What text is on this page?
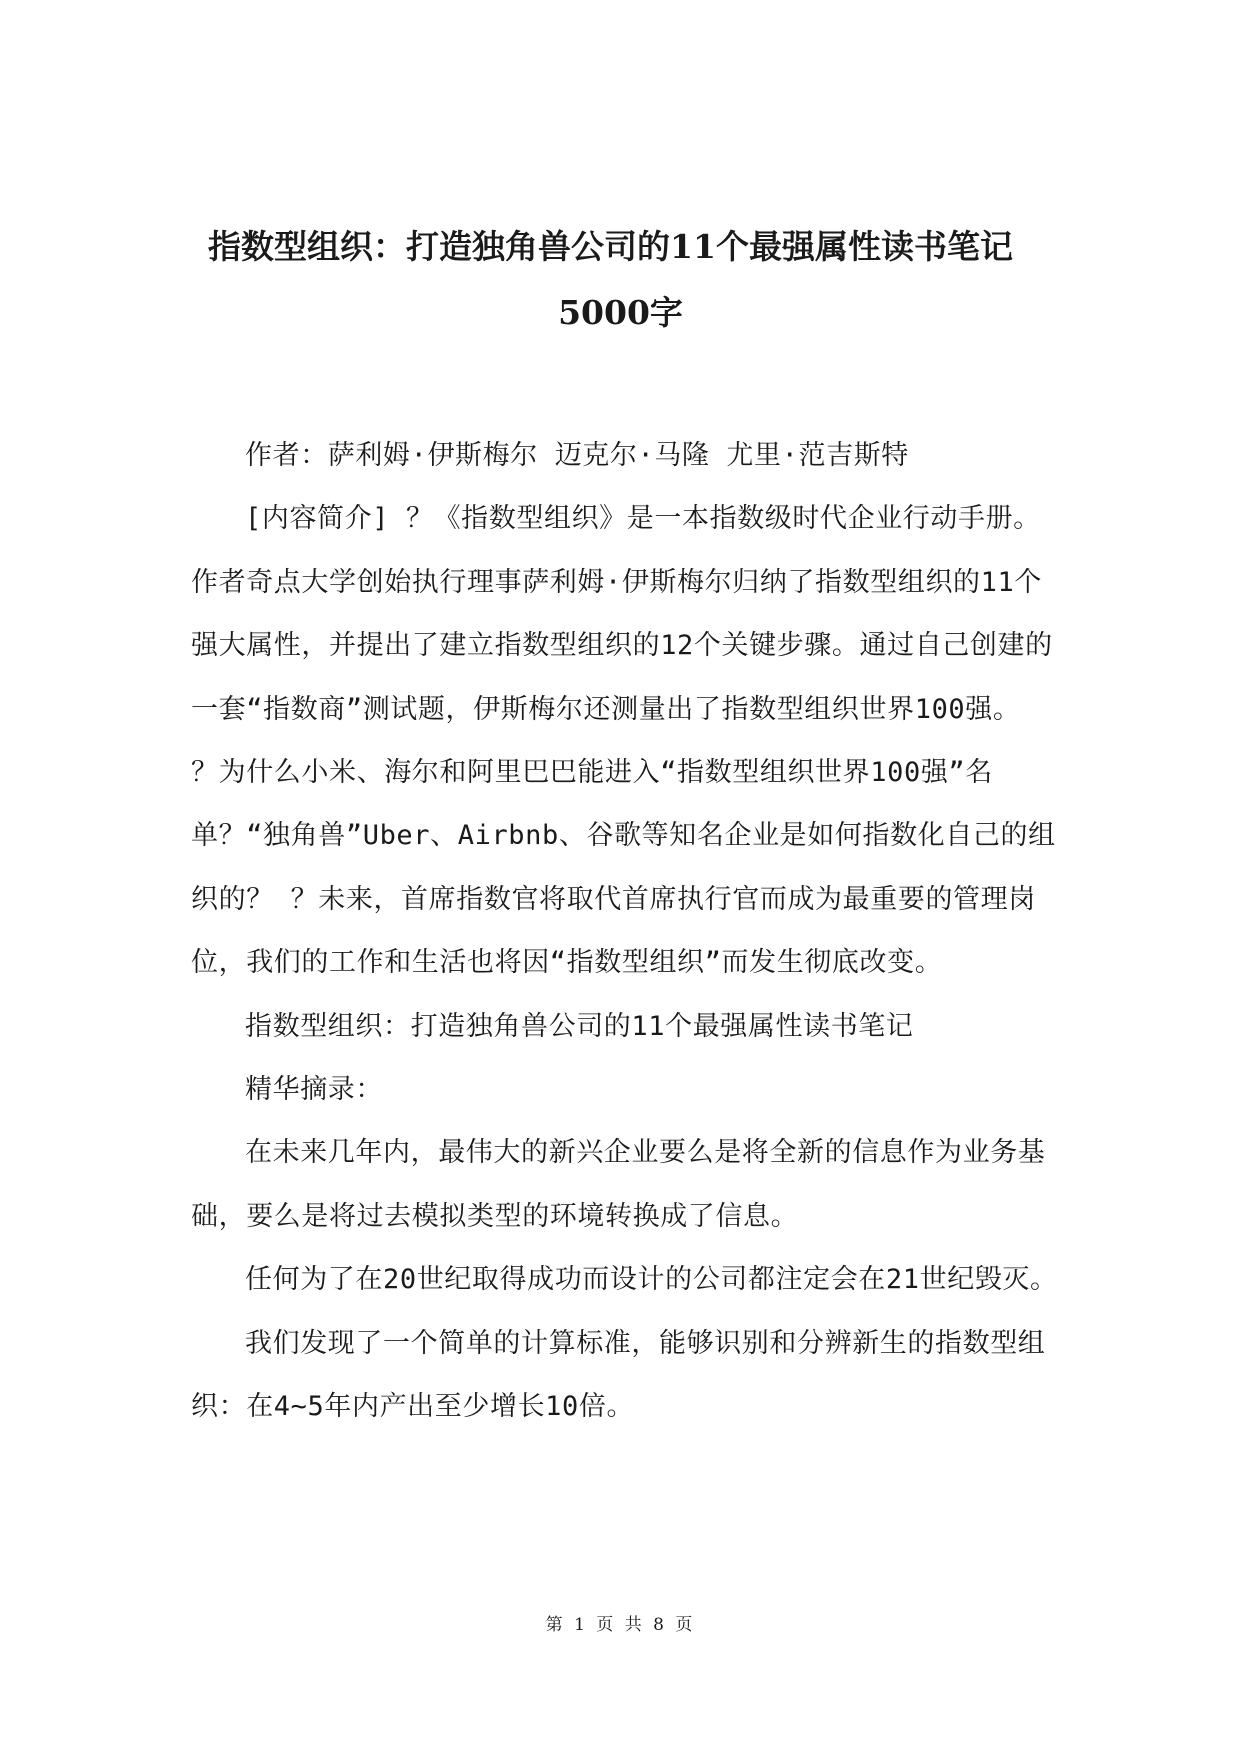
指数型组织：打造独角兽公司的11个最强属性读书笔记
5000字

作者：萨利姆·伊斯梅尔 迈克尔·马隆 尤里·范吉斯特

[内容简介] ？《指数型组织》是一本指数级时代企业行动手册。作者奇点大学创始执行理事萨利姆·伊斯梅尔归纳了指数型组织的11个强大属性，并提出了建立指数型组织的12个关键步骤。通过自己创建的一套“指数商”测试题，伊斯梅尔还测量出了指数型组织世界100强。 ？为什么小米、海尔和阿里巴巴能进入“指数型组织世界100强”名单？“独角兽”Uber、Airbnb、谷歌等知名企业是如何指数化自己的组织的？ ？未来，首席指数官将取代首席执行官而成为最重要的管理岗位，我们的工作和生活也将因“指数型组织”而发生彻底改变。

指数型组织：打造独角兽公司的11个最强属性读书笔记

精华摘录：

在未来几年内，最伟大的新兴企业要么是将全新的信息作为业务基础，要么是将过去模拟类型的环境转换成了信息。

任何为了在20世纪取得成功而设计的公司都注定会在21世纪毁灭。

我们发现了一个简单的计算标准，能够识别和分辨新生的指数型组织：在4~5年内产出至少增长10倍。

第 1 页 共 8 页
